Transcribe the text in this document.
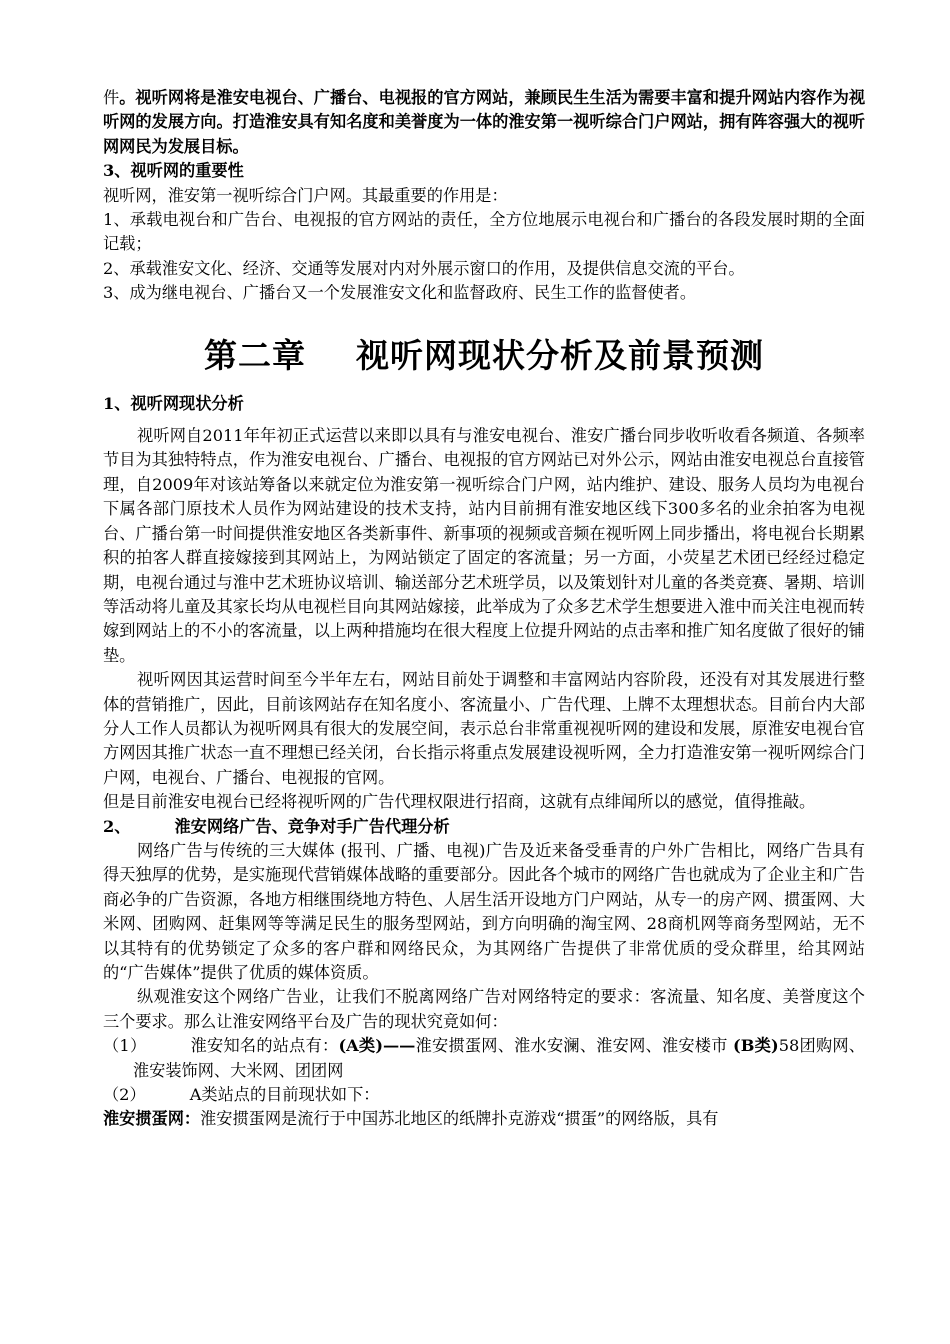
件。视听网将是淮安电视台、广播台、电视报的官方网站，兼顾民生生活为需要丰富和提升网站内容作为视听网的发展方向。打造淮安具有知名度和美誉度为一体的淮安第一视听综合门户网站，拥有阵容强大的视听网网民为发展目标。

3、视听网的重要性

视听网，淮安第一视听综合门户网。其最重要的作用是：

1、承载电视台和广告台、电视报的官方网站的责任，全方位地展示电视台和广播台的各段发展时期的全面记载；

2、承载淮安文化、经济、交通等发展对内对外展示窗口的作用，及提供信息交流的平台。

3、成为继电视台、广播台又一个发展淮安文化和监督政府、民生工作的监督使者。

第二章    视听网现状分析及前景预测

1、视听网现状分析

视听网自2011年年初正式运营以来即以具有与淮安电视台、淮安广播台同步收听收看各频道、各频率节目为其独特特点，作为淮安电视台、广播台、电视报的官方网站已对外公示，网站由淮安电视总台直接管理，自2009年对该站筹备以来就定位为淮安第一视听综合门户网，站内维护、建设、服务人员均为电视台下属各部门原技术人员作为网站建设的技术支持，站内目前拥有淮安地区线下300多名的业余拍客为电视台、广播台第一时间提供淮安地区各类新事件、新事项的视频或音频在视听网上同步播出，将电视台长期累积的拍客人群直接嫁接到其网站上，为网站锁定了固定的客流量；另一方面，小荧星艺术团已经经过稳定期，电视台通过与淮中艺术班协议培训、输送部分艺术班学员，以及策划针对儿童的各类竞赛、暑期、培训等活动将儿童及其家长均从电视栏目向其网站嫁接，此举成为了众多艺术学生想要进入淮中而关注电视而转嫁到网站上的不小的客流量，以上两种措施均在很大程度上位提升网站的点击率和推广知名度做了很好的铺垫。

视听网因其运营时间至今半年左右，网站目前处于调整和丰富网站内容阶段，还没有对其发展进行整体的营销推广，因此，目前该网站存在知名度小、客流量小、广告代理、上牌不太理想状态。目前台内大部分人工作人员都认为视听网具有很大的发展空间，表示总台非常重视视听网的建设和发展，原淮安电视台官方网因其推广状态一直不理想已经关闭，台长指示将重点发展建设视听网，全力打造淮安第一视听网综合门户网，电视台、广播台、电视报的官网。

但是目前淮安电视台已经将视听网的广告代理权限进行招商，这就有点绯闻所以的感觉，值得推敲。

2、	淮安网络广告、竞争对手广告代理分析

网络广告与传统的三大媒体 (报刊、广播、电视)广告及近来备受垂青的户外广告相比，网络广告具有得天独厚的优势，是实施现代营销媒体战略的重要部分。因此各个城市的网络广告也就成为了企业主和广告商必争的广告资源，各地方相继围绕地方特色、人居生活开设地方门户网站，从专一的房产网、掼蛋网、大米网、团购网、赶集网等等满足民生的服务型网站，到方向明确的淘宝网、28商机网等商务型网站，无不以其特有的优势锁定了众多的客户群和网络民众，为其网络广告提供了非常优质的受众群里，给其网站的“广告媒体”提供了优质的媒体资质。

纵观淮安这个网络广告业，让我们不脱离网络广告对网络特定的要求：客流量、知名度、美誉度这个三个要求。那么让淮安网络平台及广告的现状究竟如何：

（1）	淮安知名的站点有：(A类)——淮安掼蛋网、淮水安澜、淮安网、淮安楼市 (B类)58团购网、淮安装饰网、大米网、团团网

（2）	A类站点的目前现状如下：

淮安掼蛋网：淮安掼蛋网是流行于中国苏北地区的纸牌扑克游戏“掼蛋”的网络版，具有
